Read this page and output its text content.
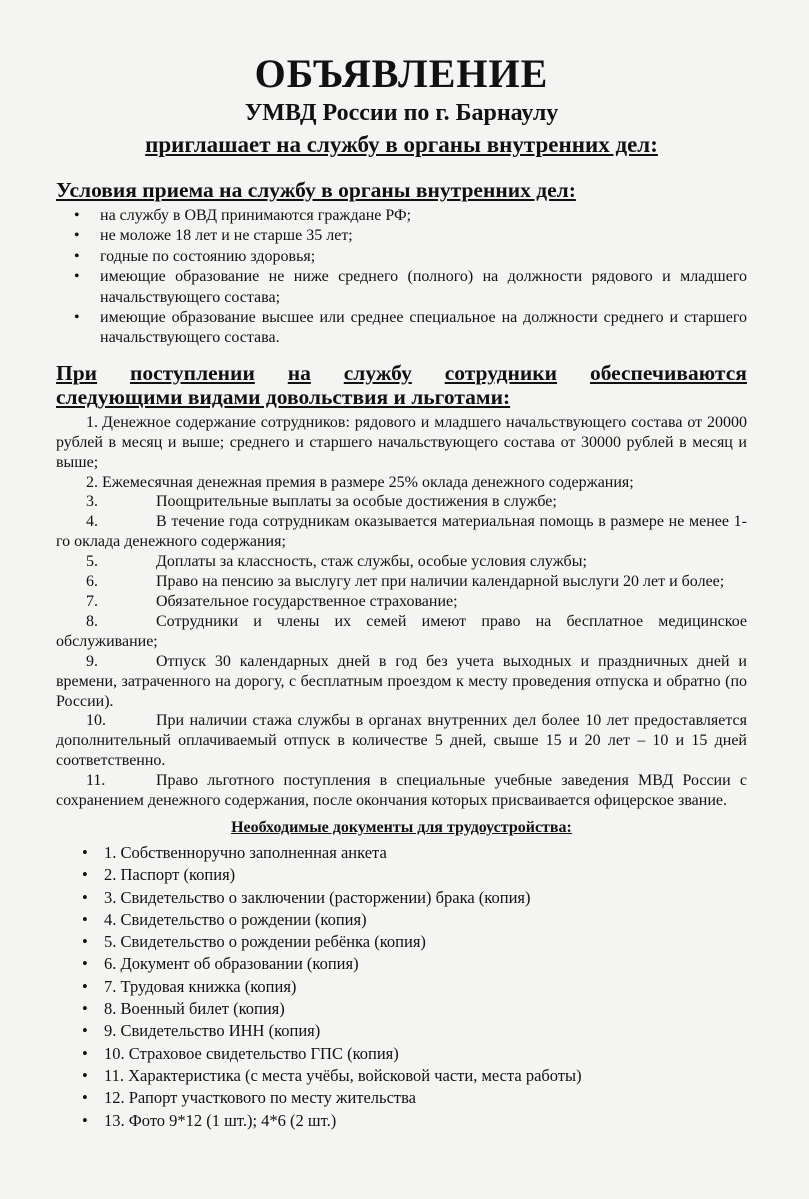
ОБЪЯВЛЕНИЕ
УМВД России по г. Барнаулу
приглашает на службу в органы внутренних дел:
Условия приема на службу в органы внутренних дел:
• на службу в ОВД принимаются граждане РФ;
• не моложе 18 лет и не старше 35 лет;
• годные по состоянию здоровья;
• имеющие образование не ниже среднего (полного) на должности рядового и младшего начальствующего состава;
• имеющие образование высшее или среднее специальное на должности среднего и старшего начальствующего состава.
При поступлении на службу сотрудники обеспечиваются
следующими видами довольствия и льготами:
1. Денежное содержание сотрудников: рядового и младшего начальствующего состава от 20000 рублей в месяц и выше; среднего и старшего начальствующего состава от 30000 рублей в месяц и выше;
2. Ежемесячная денежная премия в размере 25% оклада денежного содержания;
3.	Поощрительные выплаты за особые достижения в службе;
4.	В течение года сотрудникам оказывается материальная помощь в размере не менее 1-го оклада денежного содержания;
5.	Доплаты за классность, стаж службы, особые условия службы;
6.	Право на пенсию за выслугу лет при наличии календарной выслуги 20 лет и более;
7.	Обязательное государственное страхование;
8.	Сотрудники и члены их семей имеют право на бесплатное медицинское обслуживание;
9.	Отпуск 30 календарных дней в год без учета выходных и праздничных дней и времени, затраченного на дорогу, с бесплатным проездом к месту проведения отпуска и обратно (по России).
10.	При наличии стажа службы в органах внутренних дел более 10 лет предоставляется дополнительный оплачиваемый отпуск в количестве 5 дней, свыше 15 и 20 лет – 10 и 15 дней соответственно.
11.	Право льготного поступления в специальные учебные заведения МВД России с сохранением денежного содержания, после окончания которых присваивается офицерское звание.
Необходимые документы для трудоустройства:
• 1. Собственноручно заполненная анкета
• 2. Паспорт (копия)
• 3. Свидетельство о заключении (расторжении) брака (копия)
• 4. Свидетельство о рождении (копия)
• 5. Свидетельство о рождении ребёнка (копия)
• 6. Документ об образовании (копия)
• 7. Трудовая книжка (копия)
• 8. Военный билет (копия)
• 9. Свидетельство ИНН (копия)
• 10. Страховое свидетельство ГПС (копия)
• 11. Характеристика (с места учёбы, войсковой части, места работы)
• 12. Рапорт участкового по месту жительства
• 13. Фото 9*12 (1 шт.); 4*6 (2 шт.)
